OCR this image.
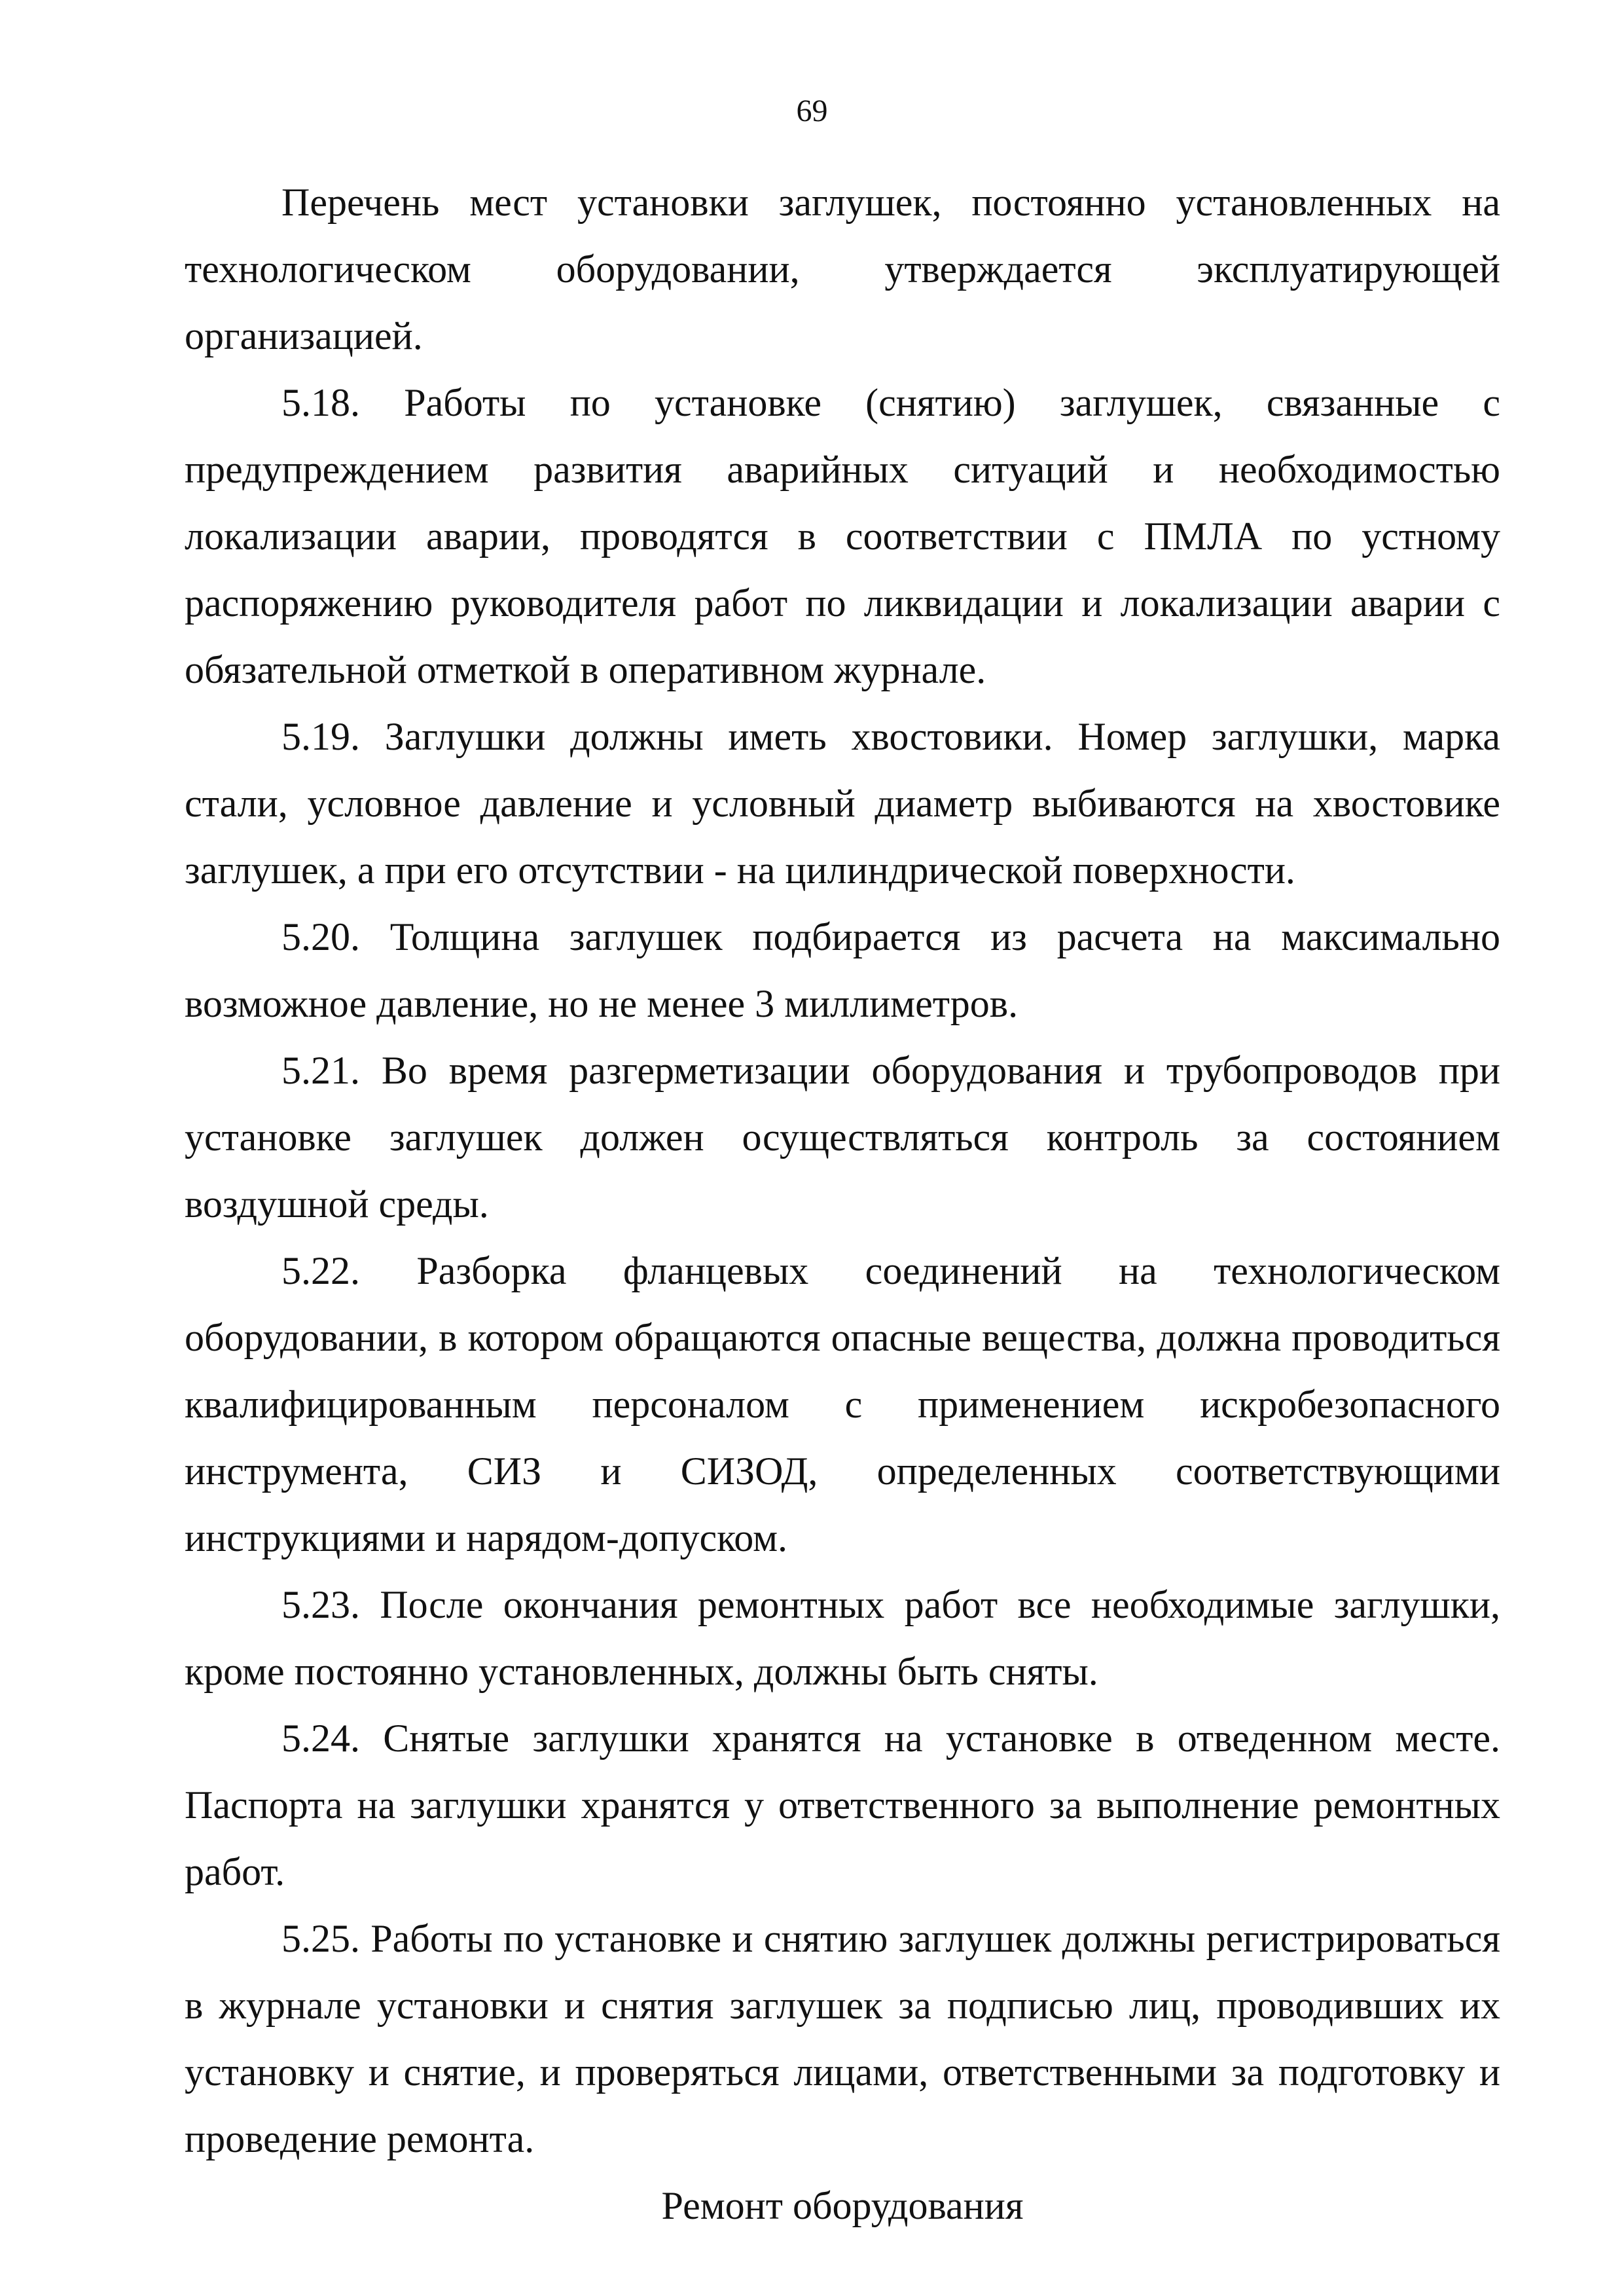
69

Перечень мест установки заглушек, постоянно установленных на технологическом оборудовании, утверждается эксплуатирующей организацией.

5.18. Работы по установке (снятию) заглушек, связанные с предупреждением развития аварийных ситуаций и необходимостью локализации аварии, проводятся в соответствии с ПМЛА по устному распоряжению руководителя работ по ликвидации и локализации аварии с обязательной отметкой в оперативном журнале.

5.19. Заглушки должны иметь хвостовики. Номер заглушки, марка стали, условное давление и условный диаметр выбиваются на хвостовике заглушек, а при его отсутствии - на цилиндрической поверхности.

5.20. Толщина заглушек подбирается из расчета на максимально возможное давление, но не менее 3 миллиметров.

5.21. Во время разгерметизации оборудования и трубопроводов при установке заглушек должен осуществляться контроль за состоянием воздушной среды.

5.22. Разборка фланцевых соединений на технологическом оборудовании, в котором обращаются опасные вещества, должна проводиться квалифицированным персоналом с применением искробезопасного инструмента, СИЗ и СИЗОД, определенных соответствующими инструкциями и нарядом-допуском.

5.23. После окончания ремонтных работ все необходимые заглушки, кроме постоянно установленных, должны быть сняты.

5.24. Снятые заглушки хранятся на установке в отведенном месте. Паспорта на заглушки хранятся у ответственного за выполнение ремонтных работ.

5.25. Работы по установке и снятию заглушек должны регистрироваться в журнале установки и снятия заглушек за подписью лиц, проводивших их установку и снятие, и проверяться лицами, ответственными за подготовку и проведение ремонта.

Ремонт оборудования
